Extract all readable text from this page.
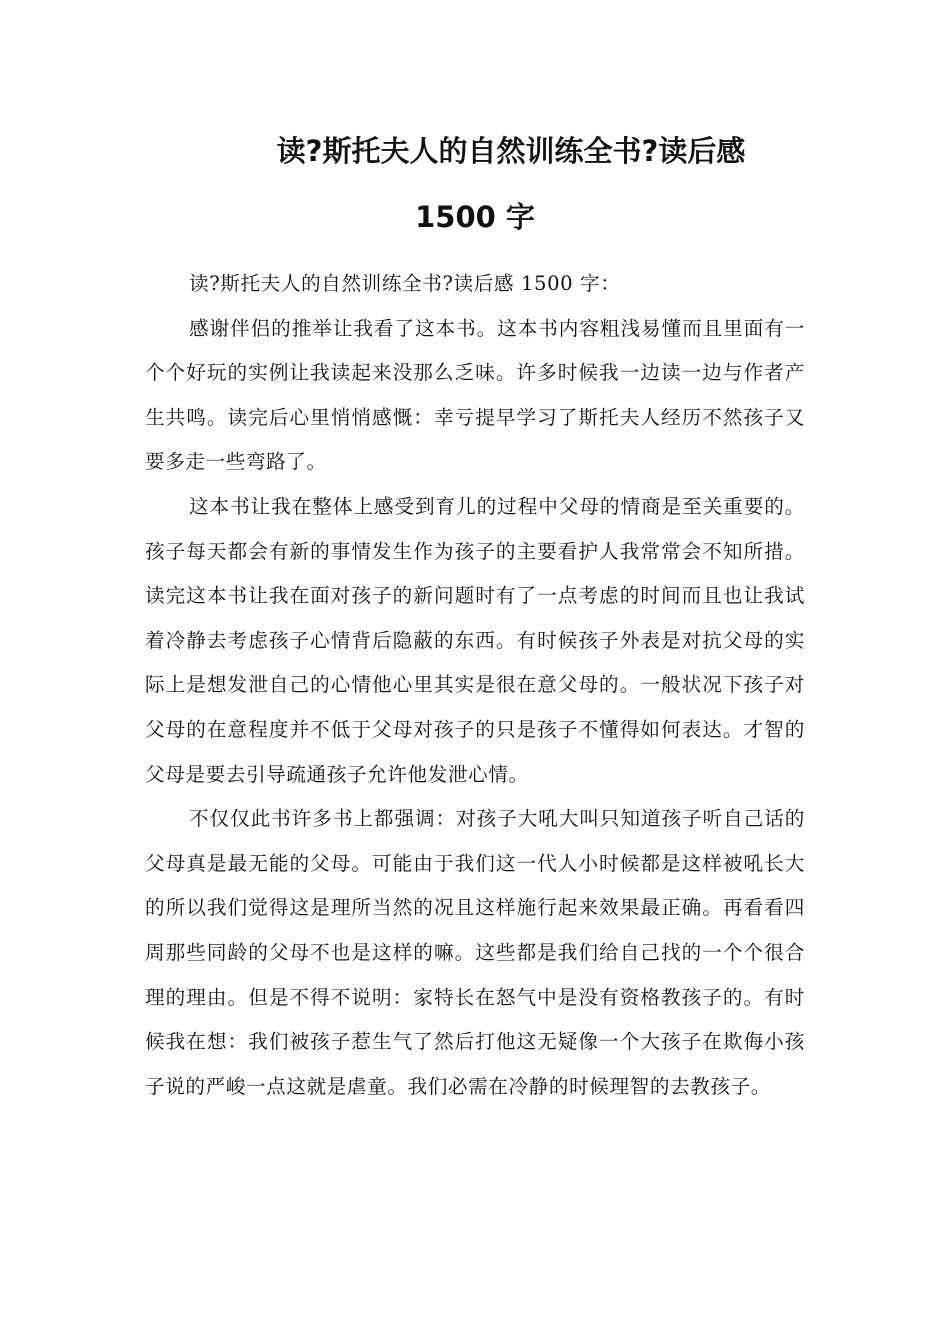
读?斯托夫人的自然训练全书?读后感
1500 字

读?斯托夫人的自然训练全书?读后感 1500 字：

感谢伴侣的推举让我看了这本书。这本书内容粗浅易懂而且里面有一个个好玩的实例让我读起来没那么乏味。许多时候我一边读一边与作者产生共鸣。读完后心里悄悄感慨：幸亏提早学习了斯托夫人经历不然孩子又要多走一些弯路了。

这本书让我在整体上感受到育儿的过程中父母的情商是至关重要的。孩子每天都会有新的事情发生作为孩子的主要看护人我常常会不知所措。读完这本书让我在面对孩子的新问题时有了一点考虑的时间而且也让我试着冷静去考虑孩子心情背后隐蔽的东西。有时候孩子外表是对抗父母的实际上是想发泄自己的心情他心里其实是很在意父母的。一般状况下孩子对父母的在意程度并不低于父母对孩子的只是孩子不懂得如何表达。才智的父母是要去引导疏通孩子允许他发泄心情。

不仅仅此书许多书上都强调：对孩子大吼大叫只知道孩子听自己话的父母真是最无能的父母。可能由于我们这一代人小时候都是这样被吼长大的所以我们觉得这是理所当然的况且这样施行起来效果最正确。再看看四周那些同龄的父母不也是这样的嘛。这些都是我们给自己找的一个个很合理的理由。但是不得不说明：家特长在怒气中是没有资格教孩子的。有时候我在想：我们被孩子惹生气了然后打他这无疑像一个大孩子在欺侮小孩子说的严峻一点这就是虐童。我们必需在冷静的时候理智的去教孩子。
